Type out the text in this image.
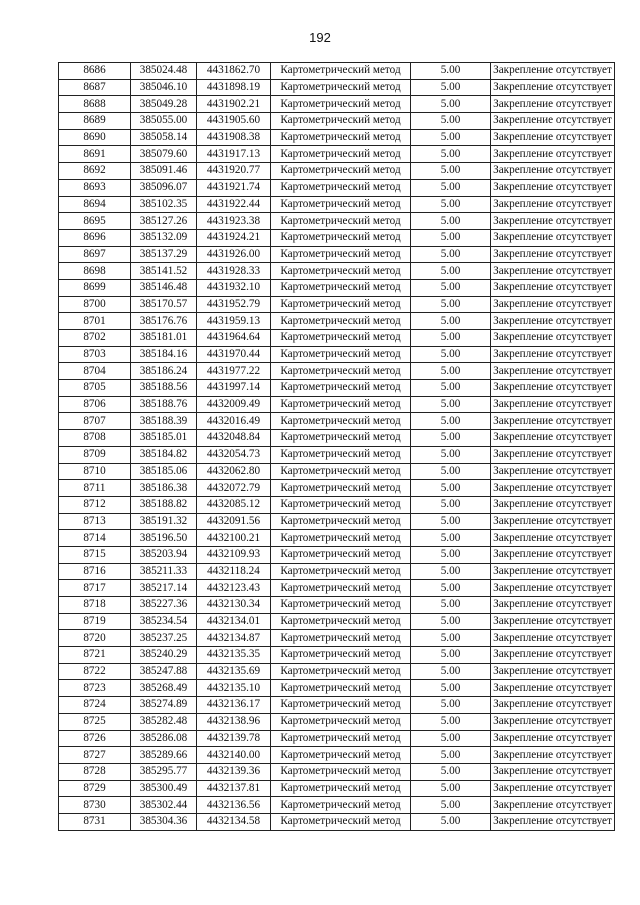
192
8686	385024.48	4431862.70	Картометрический метод	5.00	Закрепление отсутствует
8687	385046.10	4431898.19	Картометрический метод	5.00	Закрепление отсутствует
8688	385049.28	4431902.21	Картометрический метод	5.00	Закрепление отсутствует
8689	385055.00	4431905.60	Картометрический метод	5.00	Закрепление отсутствует
8690	385058.14	4431908.38	Картометрический метод	5.00	Закрепление отсутствует
8691	385079.60	4431917.13	Картометрический метод	5.00	Закрепление отсутствует
8692	385091.46	4431920.77	Картометрический метод	5.00	Закрепление отсутствует
8693	385096.07	4431921.74	Картометрический метод	5.00	Закрепление отсутствует
8694	385102.35	4431922.44	Картометрический метод	5.00	Закрепление отсутствует
8695	385127.26	4431923.38	Картометрический метод	5.00	Закрепление отсутствует
8696	385132.09	4431924.21	Картометрический метод	5.00	Закрепление отсутствует
8697	385137.29	4431926.00	Картометрический метод	5.00	Закрепление отсутствует
8698	385141.52	4431928.33	Картометрический метод	5.00	Закрепление отсутствует
8699	385146.48	4431932.10	Картометрический метод	5.00	Закрепление отсутствует
8700	385170.57	4431952.79	Картометрический метод	5.00	Закрепление отсутствует
8701	385176.76	4431959.13	Картометрический метод	5.00	Закрепление отсутствует
8702	385181.01	4431964.64	Картометрический метод	5.00	Закрепление отсутствует
8703	385184.16	4431970.44	Картометрический метод	5.00	Закрепление отсутствует
8704	385186.24	4431977.22	Картометрический метод	5.00	Закрепление отсутствует
8705	385188.56	4431997.14	Картометрический метод	5.00	Закрепление отсутствует
8706	385188.76	4432009.49	Картометрический метод	5.00	Закрепление отсутствует
8707	385188.39	4432016.49	Картометрический метод	5.00	Закрепление отсутствует
8708	385185.01	4432048.84	Картометрический метод	5.00	Закрепление отсутствует
8709	385184.82	4432054.73	Картометрический метод	5.00	Закрепление отсутствует
8710	385185.06	4432062.80	Картометрический метод	5.00	Закрепление отсутствует
8711	385186.38	4432072.79	Картометрический метод	5.00	Закрепление отсутствует
8712	385188.82	4432085.12	Картометрический метод	5.00	Закрепление отсутствует
8713	385191.32	4432091.56	Картометрический метод	5.00	Закрепление отсутствует
8714	385196.50	4432100.21	Картометрический метод	5.00	Закрепление отсутствует
8715	385203.94	4432109.93	Картометрический метод	5.00	Закрепление отсутствует
8716	385211.33	4432118.24	Картометрический метод	5.00	Закрепление отсутствует
8717	385217.14	4432123.43	Картометрический метод	5.00	Закрепление отсутствует
8718	385227.36	4432130.34	Картометрический метод	5.00	Закрепление отсутствует
8719	385234.54	4432134.01	Картометрический метод	5.00	Закрепление отсутствует
8720	385237.25	4432134.87	Картометрический метод	5.00	Закрепление отсутствует
8721	385240.29	4432135.35	Картометрический метод	5.00	Закрепление отсутствует
8722	385247.88	4432135.69	Картометрический метод	5.00	Закрепление отсутствует
8723	385268.49	4432135.10	Картометрический метод	5.00	Закрепление отсутствует
8724	385274.89	4432136.17	Картометрический метод	5.00	Закрепление отсутствует
8725	385282.48	4432138.96	Картометрический метод	5.00	Закрепление отсутствует
8726	385286.08	4432139.78	Картометрический метод	5.00	Закрепление отсутствует
8727	385289.66	4432140.00	Картометрический метод	5.00	Закрепление отсутствует
8728	385295.77	4432139.36	Картометрический метод	5.00	Закрепление отсутствует
8729	385300.49	4432137.81	Картометрический метод	5.00	Закрепление отсутствует
8730	385302.44	4432136.56	Картометрический метод	5.00	Закрепление отсутствует
8731	385304.36	4432134.58	Картометрический метод	5.00	Закрепление отсутствует
